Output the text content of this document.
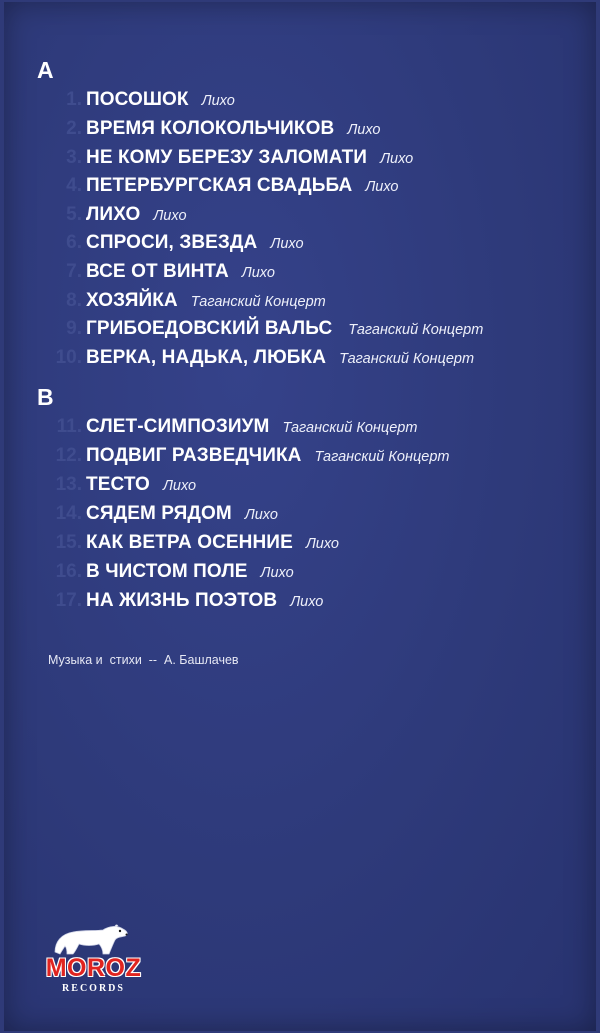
A
1. ПОСОШОК Лихо
2. ВРЕМЯ КОЛОКОЛЬЧИКОВ Лихо
3. НЕ КОМУ БЕРЕЗУ ЗАЛОМАТИ Лихо
4. ПЕТЕРБУРГСКАЯ СВАДЬБА Лихо
5. ЛИХО Лихо
6. СПРОСИ, ЗВЕЗДА Лихо
7. ВСЕ ОТ ВИНТА Лихо
8. ХОЗЯЙКА Таганский Концерт
9. ГРИБОЕДОВСКИЙ ВАЛЬС Таганский Концерт
10. ВЕРКА, НАДЬКА, ЛЮБКА Таганский Концерт
B
11. СЛЕТ-СИМПОЗИУМ Таганский Концерт
12. ПОДВИГ РАЗВЕДЧИКА Таганский Концерт
13. ТЕСТО Лихо
14. СЯДЕМ РЯДОМ Лихо
15. КАК ВЕТРА ОСЕННИЕ Лихо
16. В ЧИСТОМ ПОЛЕ Лихо
17. НА ЖИЗНЬ ПОЭТОВ Лихо
Музыка и  стихи  --  А. Башлачев
MOROZ
RECORDS
